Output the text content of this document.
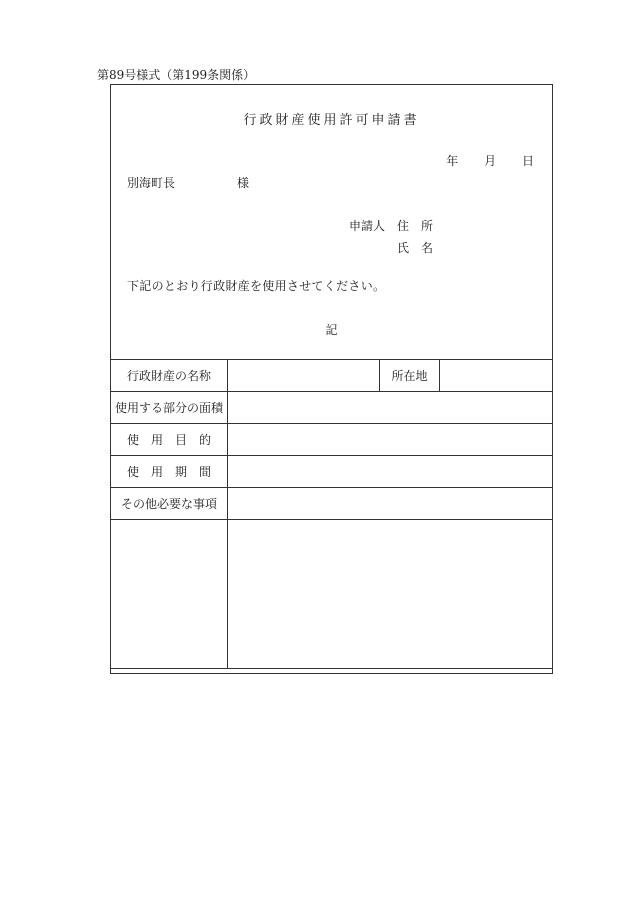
第89号様式（第199条関係）
行政財産使用許可申請書
年 月 日
別海町長	様
申請人　 住　所
氏　名
下記のとおり行政財産を使用させてください。
記
行政財産の名称		所在地	
使用する部分の面積			
使　用　目　的			
使　用　期　間			
その他必要な事項			
